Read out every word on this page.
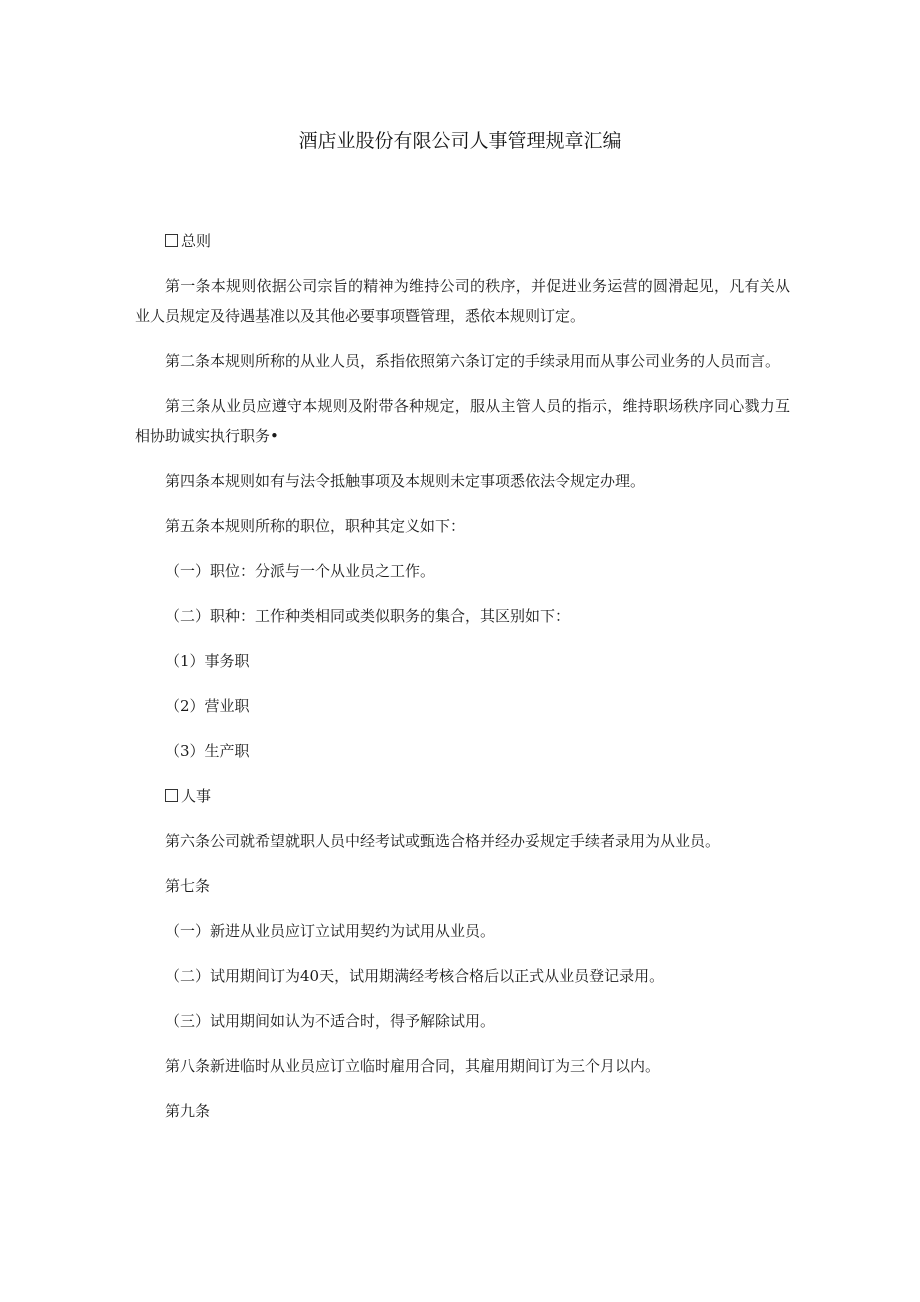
酒店业股份有限公司人事管理规章汇编

总则

第一条本规则依据公司宗旨的精神为维持公司的秩序，并促进业务运营的圆滑起见，凡有关从业人员规定及待遇基准以及其他必要事项暨管理，悉依本规则订定。

第二条本规则所称的从业人员，系指依照第六条订定的手续录用而从事公司业务的人员而言。

第三条从业员应遵守本规则及附带各种规定，服从主管人员的指示，维持职场秩序同心戮力互相协助诚实执行职务•

第四条本规则如有与法令抵触事项及本规则未定事项悉依法令规定办理。

第五条本规则所称的职位，职种其定义如下：

（一）职位：分派与一个从业员之工作。

（二）职种：工作种类相同或类似职务的集合，其区别如下：

（1）事务职

（2）营业职

（3）生产职

人事

第六条公司就希望就职人员中经考试或甄选合格并经办妥规定手续者录用为从业员。

第七条

（一）新进从业员应订立试用契约为试用从业员。

（二）试用期间订为40天，试用期满经考核合格后以正式从业员登记录用。

（三）试用期间如认为不适合时，得予解除试用。

第八条新进临时从业员应订立临时雇用合同，其雇用期间订为三个月以内。

第九条
